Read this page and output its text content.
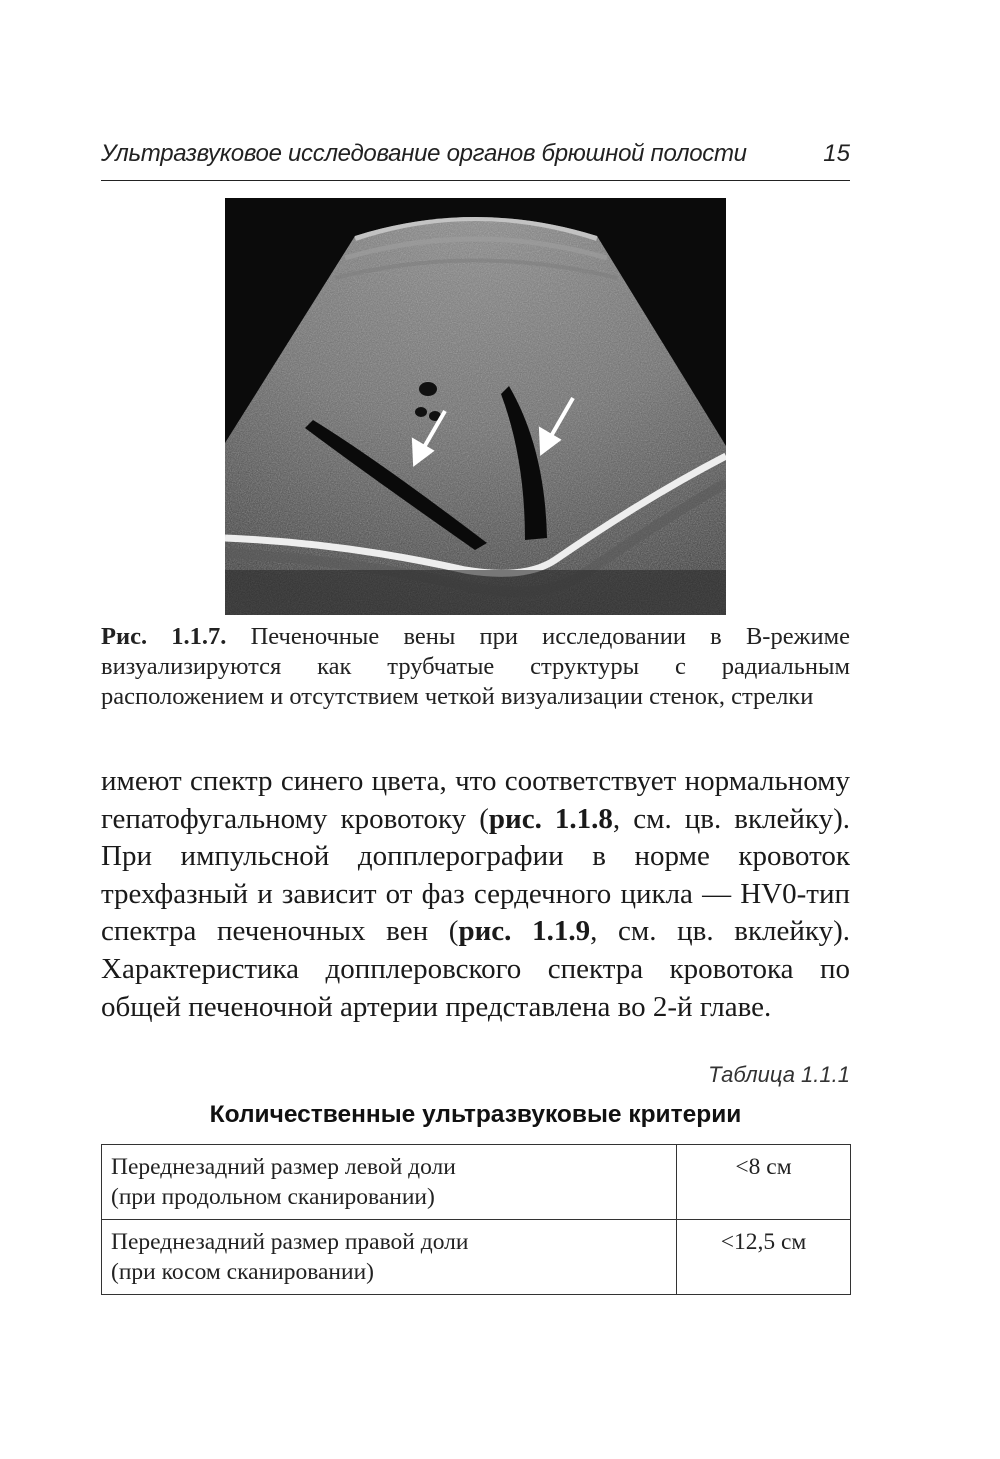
Ультразвуковое исследование органов брюшной полости	15
Рис. 1.1.7. Печеночные вены при исследовании в В-режиме визуализируются как трубчатые структуры с радиальным расположением и отсутствием четкой визуализации стенок, стрелки
имеют спектр синего цвета, что соответствует нормальному гепатофугальному кровотоку (рис. 1.1.8, см. цв. вклейку). При импульсной допплерографии в норме кровоток трехфазный и зависит от фаз сердечного цикла — HV0-тип спектра печеночных вен (рис. 1.1.9, см. цв. вклейку). Характеристика допплеровского спектра кровотока по общей печеночной артерии представлена во 2-й главе.
Таблица 1.1.1
Количественные ультразвуковые критерии
Переднезадний размер левой доли
(при продольном сканировании)	<8 см

Переднезадний размер правой доли
(при косом сканировании)	<12,5 см
